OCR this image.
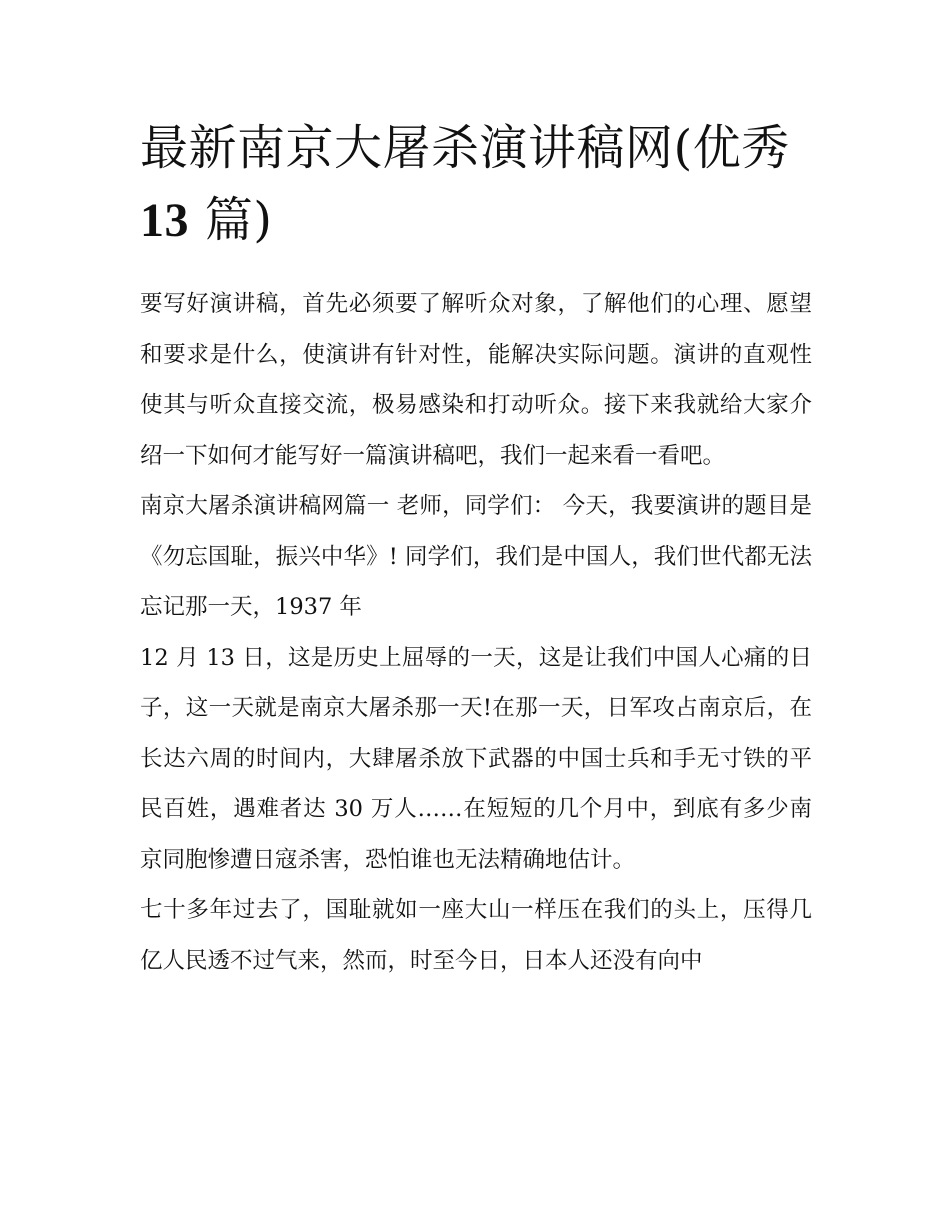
最新南京大屠杀演讲稿网(优秀
13 篇)

要写好演讲稿，首先必须要了解听众对象，了解他们的心理、愿望和要求是什么，使演讲有针对性，能解决实际问题。演讲的直观性使其与听众直接交流，极易感染和打动听众。接下来我就给大家介绍一下如何才能写好一篇演讲稿吧，我们一起来看一看吧。

南京大屠杀演讲稿网篇一 老师，同学们： 今天，我要演讲的题目是《勿忘国耻，振兴中华》! 同学们，我们是中国人，我们世代都无法忘记那一天，1937 年

12 月 13 日，这是历史上屈辱的一天，这是让我们中国人心痛的日子，这一天就是南京大屠杀那一天!在那一天，日军攻占南京后，在长达六周的时间内，大肆屠杀放下武器的中国士兵和手无寸铁的平民百姓，遇难者达 30 万人……在短短的几个月中，到底有多少南京同胞惨遭日寇杀害，恐怕谁也无法精确地估计。

七十多年过去了，国耻就如一座大山一样压在我们的头上，压得几亿人民透不过气来，然而，时至今日，日本人还没有向中
